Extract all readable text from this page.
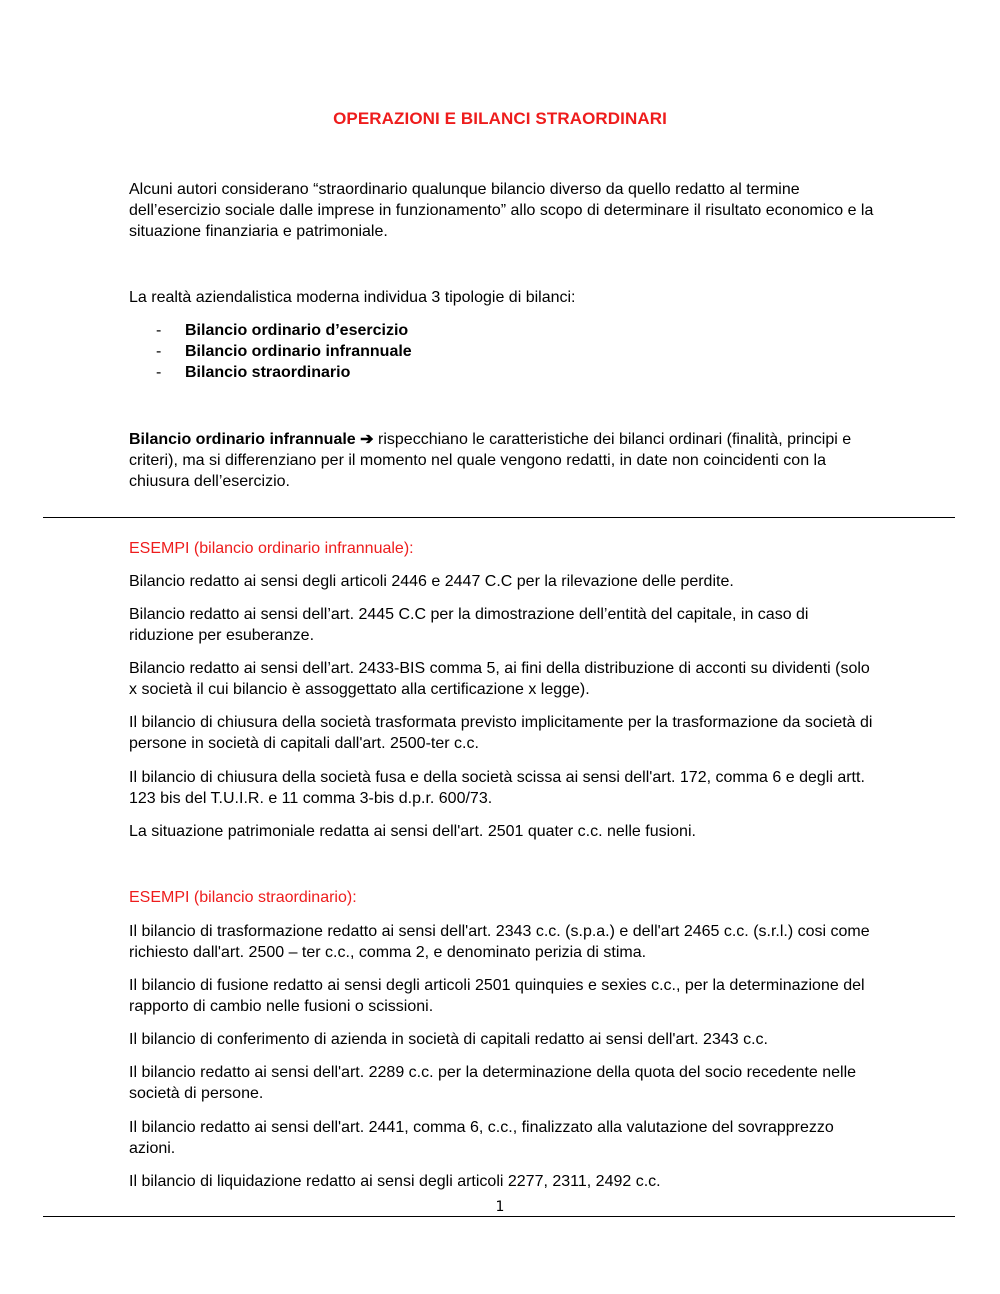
OPERAZIONI E BILANCI STRAORDINARI

Alcuni autori considerano “straordinario qualunque bilancio diverso da quello redatto al termine dell’esercizio sociale dalle imprese in funzionamento” allo scopo di determinare il risultato economico e la situazione finanziaria e patrimoniale.

La realtà aziendalistica moderna individua 3 tipologie di bilanci:

- Bilancio ordinario d’esercizio
- Bilancio ordinario infrannuale
- Bilancio straordinario

Bilancio ordinario infrannuale ➔ rispecchiano le caratteristiche dei bilanci ordinari (finalità, principi e criteri), ma si differenziano per il momento nel quale vengono redatti, in date non coincidenti con la chiusura dell’esercizio.

ESEMPI (bilancio ordinario infrannuale):

Bilancio redatto ai sensi degli articoli 2446 e 2447 C.C per la rilevazione delle perdite.

Bilancio redatto ai sensi dell’art. 2445 C.C per la dimostrazione dell’entità del capitale, in caso di riduzione per esuberanze.

Bilancio redatto ai sensi dell’art. 2433-BIS comma 5, ai fini della distribuzione di acconti su dividenti (solo x società il cui bilancio è assoggettato alla certificazione x legge).

Il bilancio di chiusura della società trasformata previsto implicitamente per la trasformazione da società di persone in società di capitali dall'art. 2500-ter c.c.

Il bilancio di chiusura della società fusa e della società scissa ai sensi dell'art. 172, comma 6 e degli artt. 123 bis del T.U.I.R. e 11 comma 3-bis d.p.r. 600/73.

La situazione patrimoniale redatta ai sensi dell'art. 2501 quater c.c. nelle fusioni.

ESEMPI (bilancio straordinario):

Il bilancio di trasformazione redatto ai sensi dell'art. 2343 c.c. (s.p.a.) e dell'art 2465 c.c. (s.r.l.) cosi come richiesto dall'art. 2500 – ter c.c., comma 2, e denominato perizia di stima.

Il bilancio di fusione redatto ai sensi degli articoli 2501 quinquies e sexies c.c., per la determinazione del rapporto di cambio nelle fusioni o scissioni.

Il bilancio di conferimento di azienda in società di capitali redatto ai sensi dell'art. 2343 c.c.

Il bilancio redatto ai sensi dell'art. 2289 c.c. per la determinazione della quota del socio recedente nelle società di persone.

Il bilancio redatto ai sensi dell'art. 2441, comma 6, c.c., finalizzato alla valutazione del sovrapprezzo azioni.

Il bilancio di liquidazione redatto ai sensi degli articoli 2277, 2311, 2492 c.c.

1
